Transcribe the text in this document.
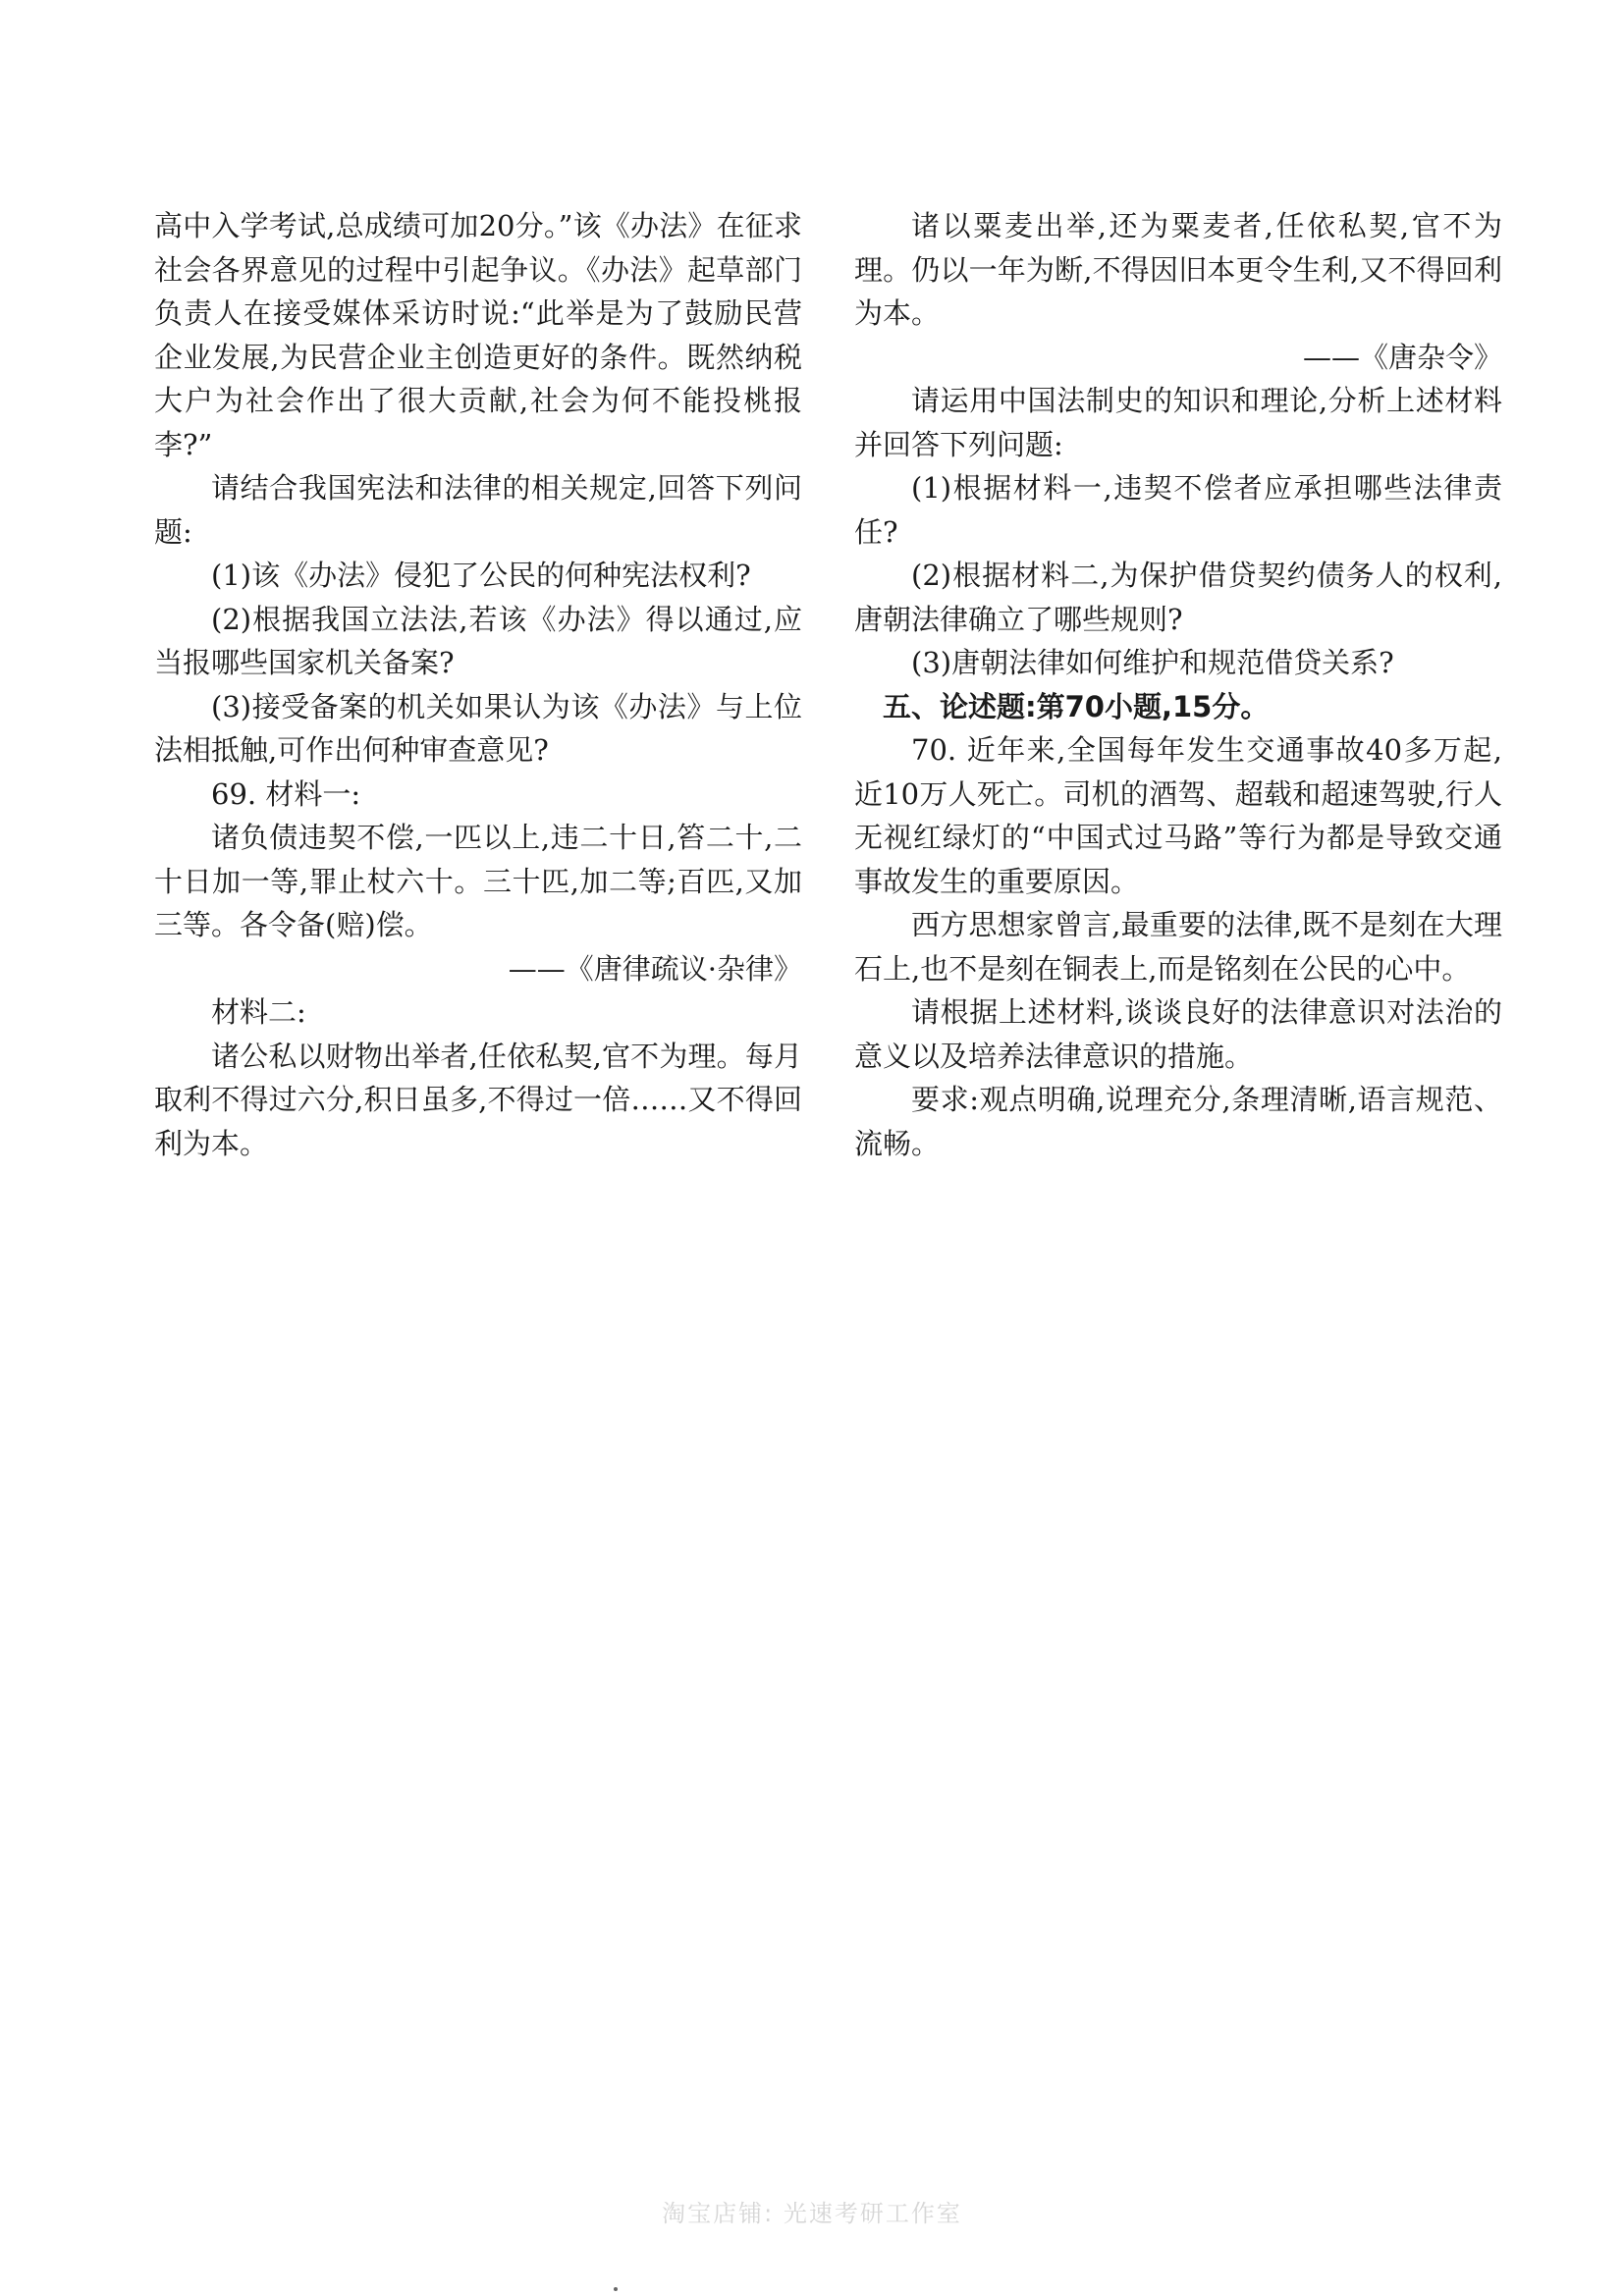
高中入学考试,总成绩可加20分。”该《办法》在征求社会各界意见的过程中引起争议。《办法》起草部门负责人在接受媒体采访时说:“此举是为了鼓励民营企业发展,为民营企业主创造更好的条件。既然纳税大户为社会作出了很大贡献,社会为何不能投桃报李?”

请结合我国宪法和法律的相关规定,回答下列问题:

(1)该《办法》侵犯了公民的何种宪法权利?

(2)根据我国立法法,若该《办法》得以通过,应当报哪些国家机关备案?

(3)接受备案的机关如果认为该《办法》与上位法相抵触,可作出何种审查意见?

69. 材料一:

诸负债违契不偿,一匹以上,违二十日,笞二十,二十日加一等,罪止杖六十。三十匹,加二等;百匹,又加三等。各令备(赔)偿。

——《唐律疏议·杂律》

材料二:

诸公私以财物出举者,任依私契,官不为理。每月取利不得过六分,积日虽多,不得过一倍……又不得回利为本。

诸以粟麦出举,还为粟麦者,任依私契,官不为理。仍以一年为断,不得因旧本更令生利,又不得回利为本。

——《唐杂令》

请运用中国法制史的知识和理论,分析上述材料并回答下列问题:

(1)根据材料一,违契不偿者应承担哪些法律责任?

(2)根据材料二,为保护借贷契约债务人的权利,唐朝法律确立了哪些规则?

(3)唐朝法律如何维护和规范借贷关系?

五、论述题:第70小题,15分。

70. 近年来,全国每年发生交通事故40多万起,近10万人死亡。司机的酒驾、超载和超速驾驶,行人无视红绿灯的“中国式过马路”等行为都是导致交通事故发生的重要原因。

西方思想家曾言,最重要的法律,既不是刻在大理石上,也不是刻在铜表上,而是铭刻在公民的心中。

请根据上述材料,谈谈良好的法律意识对法治的意义以及培养法律意识的措施。

要求:观点明确,说理充分,条理清晰,语言规范、流畅。

淘宝店铺: 光速考研工作室
